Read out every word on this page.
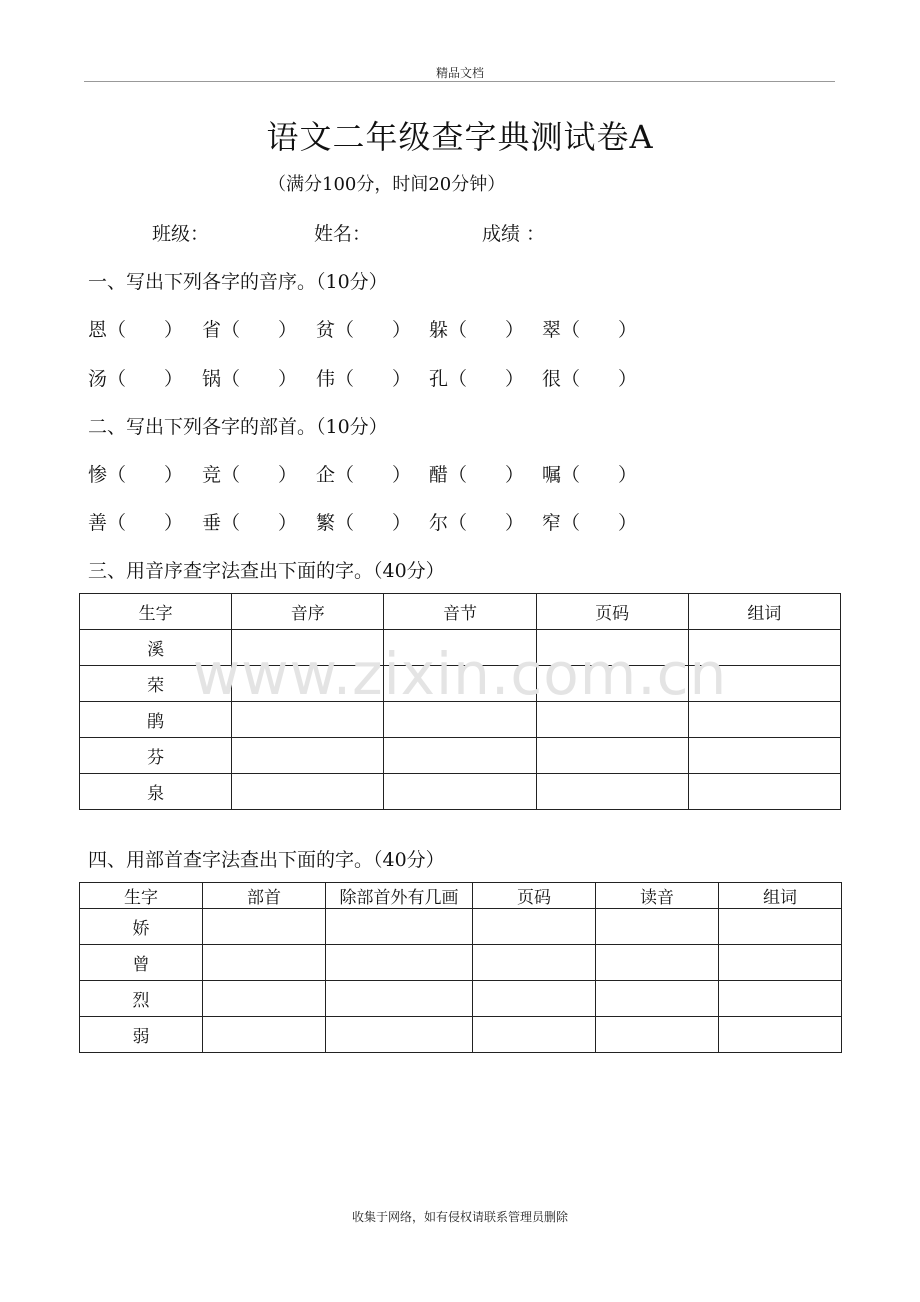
精品文档
语文二年级查字典测试卷A
（满分100分，时间20分钟）
班级：	姓名：	成绩 ：
一、写出下列各字的音序。（10分）
恩（　　） 省（　　） 贫（　　） 躲（　　） 翠（　　）
汤（　　） 锅（　　） 伟（　　） 孔（　　） 很（　　）
二、写出下列各字的部首。（10分）
惨（　　） 竞（　　） 企（　　） 醋（　　） 嘱（　　）
善（　　） 垂（　　） 繁（　　） 尔（　　） 窄（　　）
三、用音序查字法查出下面的字。（40分）
生字	音序	音节	页码	组词
溪				
荣				
鹃				
芬				
泉				
www.zixin.com.cn
四、用部首查字法查出下面的字。（40分）
生字	部首	除部首外有几画	页码	读音	组词
娇					
曾					
烈					
弱					
收集于网络，如有侵权请联系管理员删除
